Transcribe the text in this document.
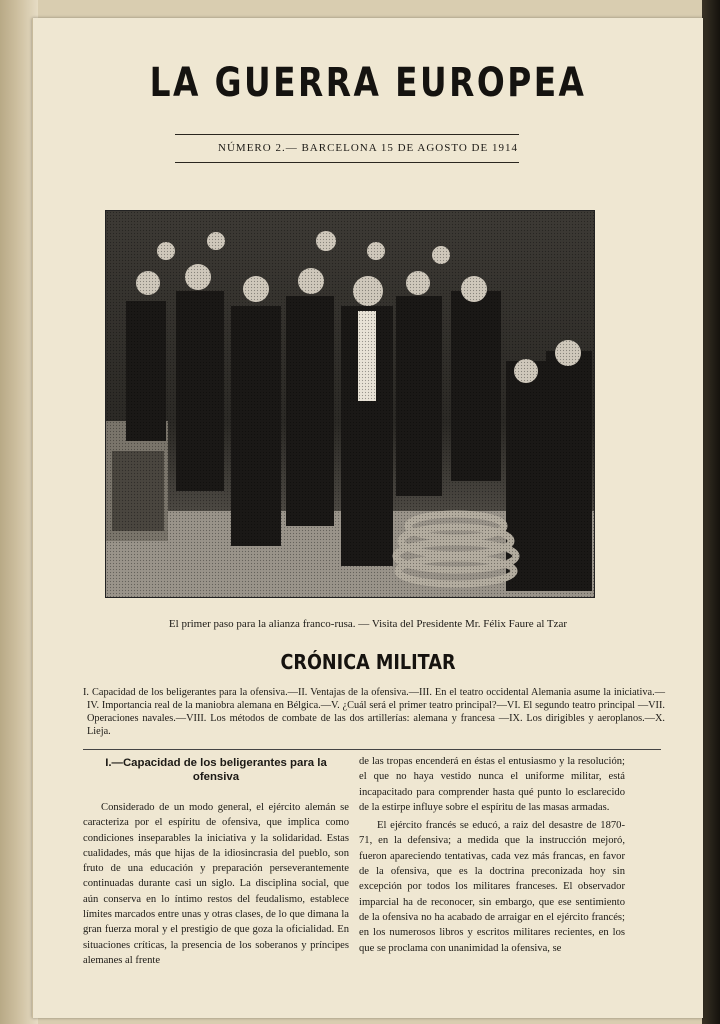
LA GUERRA EUROPEA
NÚMERO 2.— BARCELONA 15 DE AGOSTO DE 1914
El primer paso para la alianza franco-rusa. — Visita del Presidente Mr. Félix Faure al Tzar
CRÓNICA MILITAR
I. Capacidad de los beligerantes para la ofensiva.—II. Ventajas de la ofensiva.—III. En el teatro occidental Alemania asume la iniciativa.—IV. Importancia real de la maniobra alemana en Bélgica.—V. ¿Cuál será el primer teatro principal?—VI. El segundo teatro principal —VII. Operaciones navales.—VIII. Los métodos de combate de las dos artillerías: alemana y francesa —IX. Los dirigibles y aeroplanos.—X. Lieja.
I.—Capacidad de los beligerantes para la ofensiva

Considerado de un modo general, el ejército alemán se caracteriza por el espíritu de ofensiva, que implica como condiciones inseparables la iniciativa y la solidaridad. Estas cualidades, más que hijas de la idiosincrasia del pueblo, son fruto de una educación y preparación perseverantemente continuadas durante casi un siglo. La disciplina social, que aún conserva en lo íntimo restos del feudalismo, establece límites marcados entre unas y otras clases, de lo que dimana la gran fuerza moral y el prestigio de que goza la oficialidad. En situaciones críticas, la presencia de los soberanos y príncipes alemanes al frente

de las tropas encenderá en éstas el entusiasmo y la resolución; el que no haya vestido nunca el uniforme militar, está incapacitado para comprender hasta qué punto lo esclarecido de la estirpe influye sobre el espíritu de las masas armadas.

El ejército francés se educó, a raiz del desastre de 1870-71, en la defensiva; a medida que la instrucción mejoró, fueron apareciendo tentativas, cada vez más francas, en favor de la ofensiva, que es la doctrina preconizada hoy sin excepción por todos los militares franceses. El observador imparcial ha de reconocer, sin embargo, que ese sentimiento de la ofensiva no ha acabado de arraigar en el ejército francés; en los numerosos libros y escritos militares recientes, en los que se proclama con unanimidad la ofensiva, se
